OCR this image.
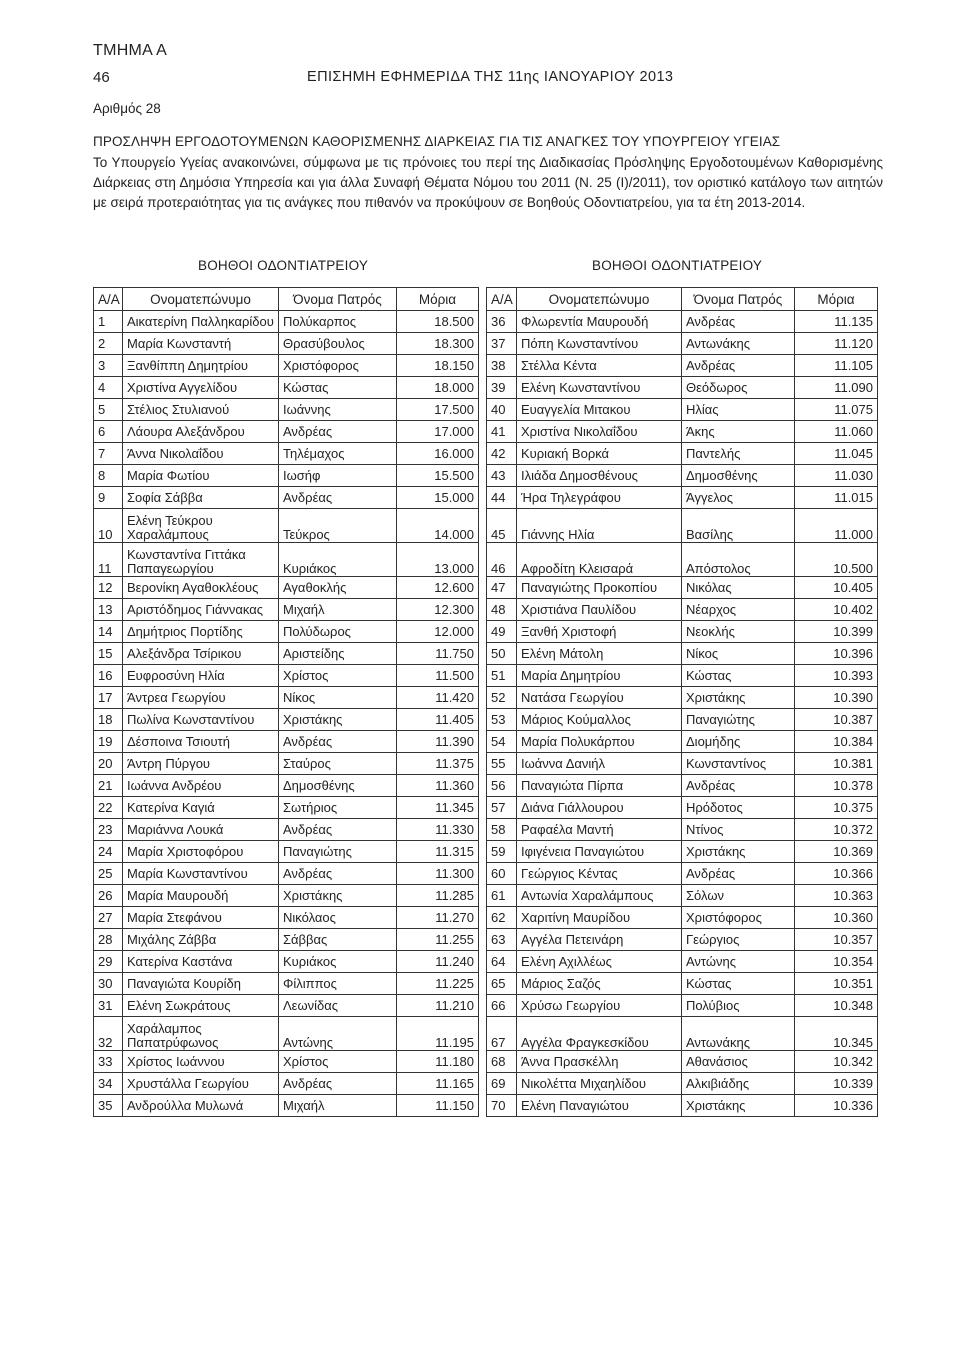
ΤΜΗΜΑ Α
46	ΕΠΙΣΗΜΗ ΕΦΗΜΕΡΙΔΑ ΤΗΣ 11ης ΙΑΝΟΥΑΡΙΟΥ 2013
Αριθμός 28
ΠΡΟΣΛΗΨΗ ΕΡΓΟΔΟΤΟΥΜΕΝΩΝ ΚΑΘΟΡΙΣΜΕΝΗΣ ΔΙΑΡΚΕΙΑΣ ΓΙΑ ΤΙΣ ΑΝΑΓΚΕΣ ΤΟΥ ΥΠΟΥΡΓΕΙΟΥ ΥΓΕΙΑΣ
Το Υπουργείο Υγείας ανακοινώνει, σύμφωνα με τις πρόνοιες του περί της Διαδικασίας Πρόσληψης Εργοδοτουμένων Καθορισμένης Διάρκειας στη Δημόσια Υπηρεσία και για άλλα Συναφή Θέματα Νόμου του 2011 (Ν. 25 (Ι)/2011), τον οριστικό κατάλογο των αιτητών με σειρά προτεραιότητας για τις ανάγκες που πιθανόν να προκύψουν σε Βοηθούς Οδοντιατρείου, για τα έτη 2013-2014.
ΒΟΗΘΟΙ ΟΔΟΝΤΙΑΤΡΕΙΟΥ	ΒΟΗΘΟΙ ΟΔΟΝΤΙΑΤΡΕΙΟΥ
Α/Α	Ονοματεπώνυμο	Όνομα Πατρός	Μόρια
1	Αικατερίνη Παλληκαρίδου	Πολύκαρπος	18.500
2	Μαρία Κωνσταντή	Θρασύβουλος	18.300
3	Ξανθίππη Δημητρίου	Χριστόφορος	18.150
4	Χριστίνα Αγγελίδου	Κώστας	18.000
5	Στέλιος Στυλιανού	Ιωάννης	17.500
6	Λάουρα Αλεξάνδρου	Ανδρέας	17.000
7	Άννα Νικολαΐδου	Τηλέμαχος	16.000
8	Μαρία Φωτίου	Ιωσήφ	15.500
9	Σοφία Σάββα	Ανδρέας	15.000
10	Ελένη Τεύκρου Χαραλάμπους	Τεύκρος	14.000
11	Κωνσταντίνα Γιττάκα Παπαγεωργίου	Κυριάκος	13.000
12	Βερονίκη Αγαθοκλέους	Αγαθοκλής	12.600
13	Αριστόδημος Γιάννακας	Μιχαήλ	12.300
14	Δημήτριος Πορτίδης	Πολύδωρος	12.000
15	Αλεξάνδρα Τσίρικου	Αριστείδης	11.750
16	Ευφροσύνη Ηλία	Χρίστος	11.500
17	Άντρεα Γεωργίου	Νίκος	11.420
18	Πωλίνα Κωνσταντίνου	Χριστάκης	11.405
19	Δέσποινα Τσιουτή	Ανδρέας	11.390
20	Άντρη Πύργου	Σταύρος	11.375
21	Ιωάννα Ανδρέου	Δημοσθένης	11.360
22	Κατερίνα Καγιά	Σωτήριος	11.345
23	Μαριάννα Λουκά	Ανδρέας	11.330
24	Μαρία Χριστοφόρου	Παναγιώτης	11.315
25	Μαρία Κωνσταντίνου	Ανδρέας	11.300
26	Μαρία Μαυρουδή	Χριστάκης	11.285
27	Μαρία Στεφάνου	Νικόλαος	11.270
28	Μιχάλης Ζάββα	Σάββας	11.255
29	Κατερίνα Καστάνα	Κυριάκος	11.240
30	Παναγιώτα Κουρίδη	Φίλιππος	11.225
31	Ελένη Σωκράτους	Λεωνίδας	11.210
32	Χαράλαμπος Παπατρύφωνος	Αντώνης	11.195
33	Χρίστος Ιωάννου	Χρίστος	11.180
34	Χρυστάλλα Γεωργίου	Ανδρέας	11.165
35	Ανδρούλλα Μυλωνά	Μιχαήλ	11.150
Α/Α	Ονοματεπώνυμο	Όνομα Πατρός	Μόρια
36	Φλωρεντία Μαυρουδή	Ανδρέας	11.135
37	Πόπη Κωνσταντίνου	Αντωνάκης	11.120
38	Στέλλα Κέντα	Ανδρέας	11.105
39	Ελένη Κωνσταντίνου	Θεόδωρος	11.090
40	Ευαγγελία Μιτακου	Ηλίας	11.075
41	Χριστίνα Νικολαΐδου	Άκης	11.060
42	Κυριακή Βορκά	Παντελής	11.045
43	Ιλιάδα Δημοσθένους	Δημοσθένης	11.030
44	Ήρα Τηλεγράφου	Άγγελος	11.015
45	Γιάννης Ηλία	Βασίλης	11.000
46	Αφροδίτη Κλεισαρά	Απόστολος	10.500
47	Παναγιώτης Προκοπίου	Νικόλας	10.405
48	Χριστιάνα Παυλίδου	Νέαρχος	10.402
49	Ξανθή Χριστοφή	Νεοκλής	10.399
50	Ελένη Μάτολη	Νίκος	10.396
51	Μαρία Δημητρίου	Κώστας	10.393
52	Νατάσα Γεωργίου	Χριστάκης	10.390
53	Μάριος Κούμαλλος	Παναγιώτης	10.387
54	Μαρία Πολυκάρπου	Διομήδης	10.384
55	Ιωάννα Δανιήλ	Κωνσταντίνος	10.381
56	Παναγιώτα Πίρπα	Ανδρέας	10.378
57	Διάνα Γιάλλουρου	Ηρόδοτος	10.375
58	Ραφαέλα Μαντή	Ντίνος	10.372
59	Ιφιγένεια Παναγιώτου	Χριστάκης	10.369
60	Γεώργιος Κέντας	Ανδρέας	10.366
61	Αντωνία Χαραλάμπους	Σόλων	10.363
62	Χαριτίνη Μαυρίδου	Χριστόφορος	10.360
63	Αγγέλα Πετεινάρη	Γεώργιος	10.357
64	Ελένη Αχιλλέως	Αντώνης	10.354
65	Μάριος Σαζός	Κώστας	10.351
66	Χρύσω Γεωργίου	Πολύβιος	10.348
67	Αγγέλα Φραγκεσκίδου	Αντωνάκης	10.345
68	Άννα Πρασκέλλη	Αθανάσιος	10.342
69	Νικολέττα Μιχαηλίδου	Αλκιβιάδης	10.339
70	Ελένη Παναγιώτου	Χριστάκης	10.336
